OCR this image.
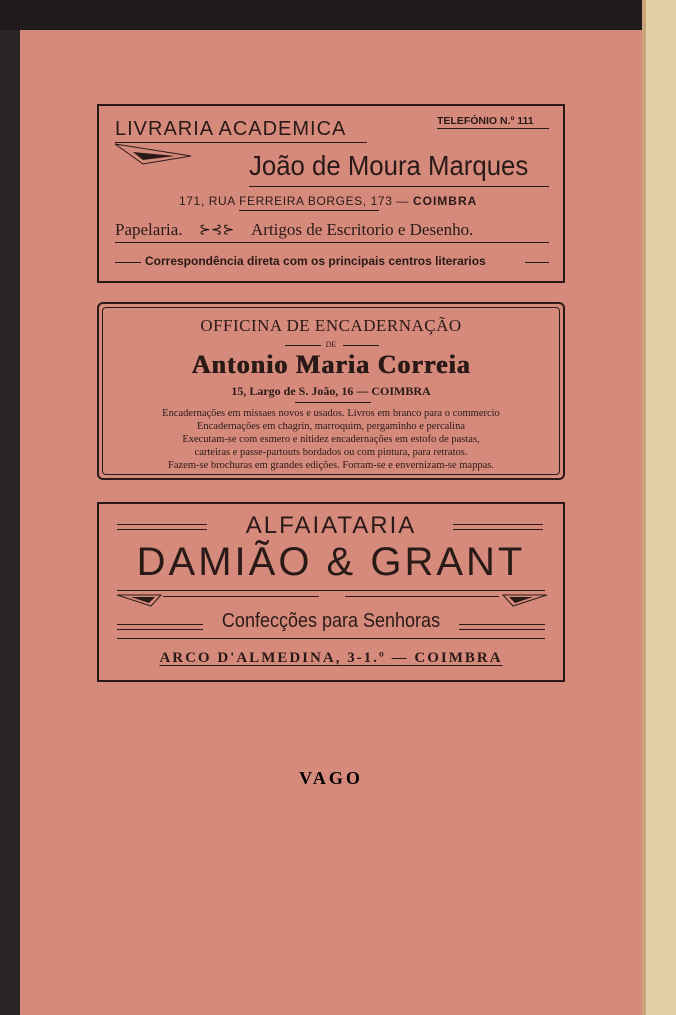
LIVRARIA ACADEMICA	TELEFÓNIO N.º 111
João de Moura Marques
171, RUA FERREIRA BORGES, 173 — COIMBRA
Papelaria. ⊱⊰⊱ Artigos de Escritorio e Desenho.
Correspondência direta com os principais centros literarios
OFFICINA DE ENCADERNAÇÃO
DE
Antonio Maria Correia
15, Largo de S. João, 16 — COIMBRA
Encadernações em missaes novos e usados. Livros em branco para o commercio
Encadernações em chagrin, marroquim, pergaminho e percalina
Executam-se com esmero e nitidez encadernações em estofo de pastas,
carteiras e passe-partouts bordados ou com pintura, para retratos.
Fazem-se brochuras em grandes edições. Forram-se e envernizam-se mappas.
ALFAIATARIA
DAMIÃO & GRANT
Confecções para Senhoras
ARCO D'ALMEDINA, 3-1.º — COIMBRA
VAGO
